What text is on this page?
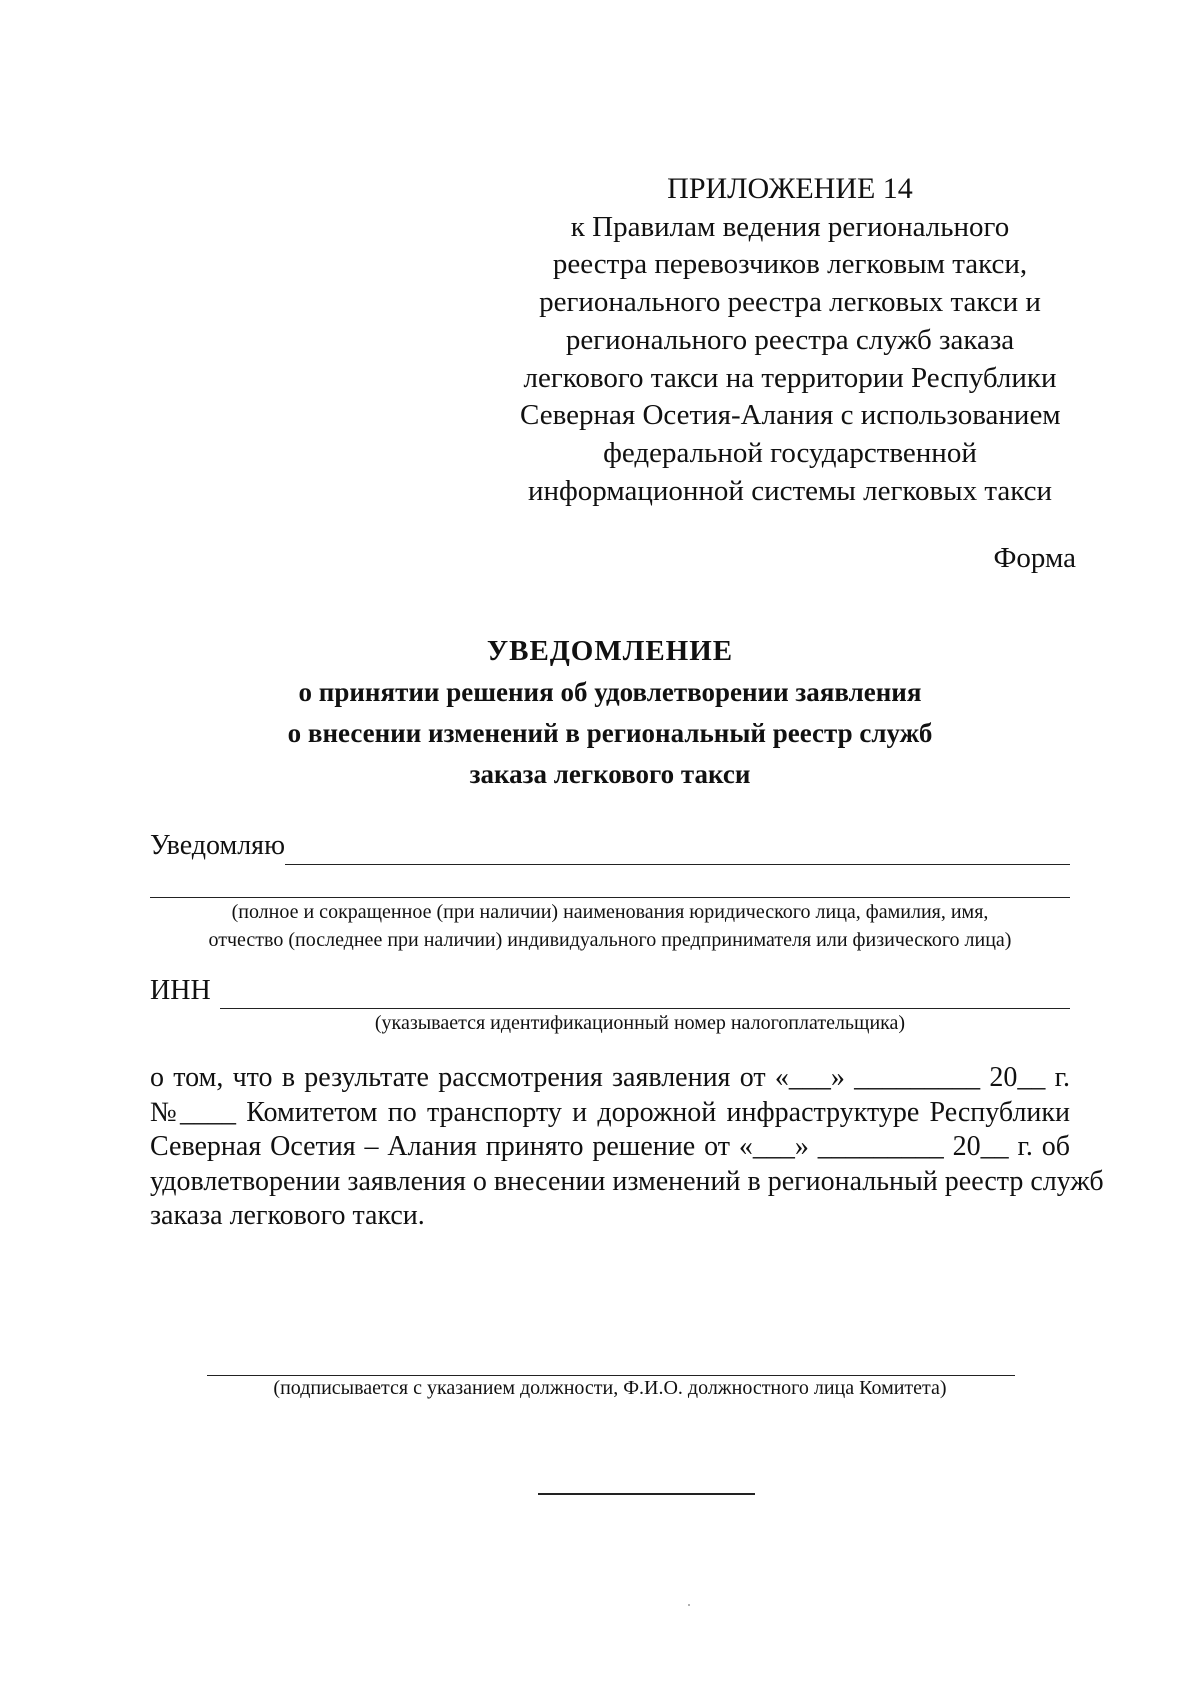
ПРИЛОЖЕНИЕ 14
к Правилам ведения регионального
реестра перевозчиков легковым такси,
регионального реестра легковых такси и
регионального реестра служб заказа
легкового такси на территории Республики
Северная Осетия-Алания с использованием
федеральной государственной
информационной системы легковых такси
Форма
УВЕДОМЛЕНИЕ
о принятии решения об удовлетворении заявления
о внесении изменений в региональный реестр служб
заказа легкового такси
Уведомляю
(полное и сокращенное (при наличии) наименования юридического лица, фамилия, имя,
отчество (последнее при наличии) индивидуального предпринимателя или физического лица)
ИНН
(указывается идентификационный номер налогоплательщика)
о том, что в результате рассмотрения заявления от «___» _________ 20__ г.
№____ Комитетом по транспорту и дорожной инфраструктуре Республики
Северная Осетия – Алания принято решение от «___» _________ 20__ г. об
удовлетворении заявления о внесении изменений в региональный реестр служб
заказа легкового такси.
(подписывается с указанием должности, Ф.И.О. должностного лица Комитета)
